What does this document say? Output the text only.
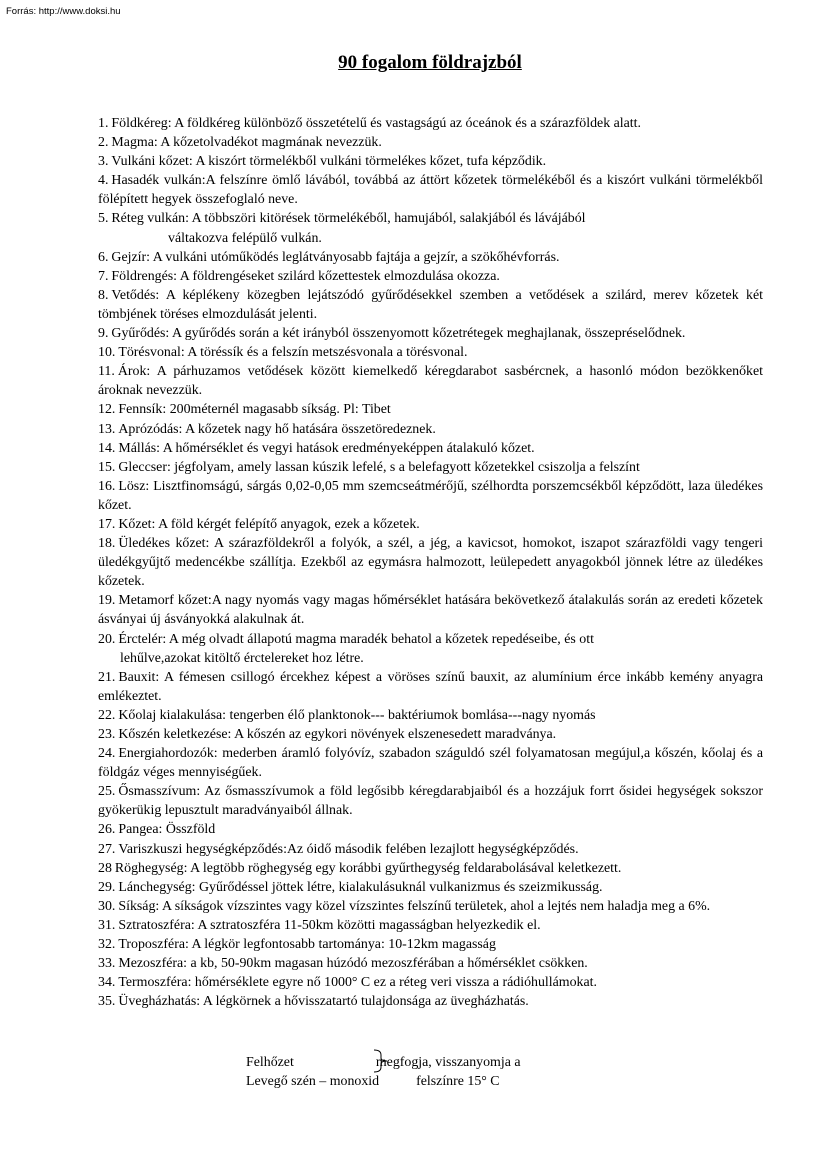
Forrás: http://www.doksi.hu
90 fogalom földrajzból

1. Földkéreg: A földkéreg különböző összetételű és vastagságú az óceánok és a szárazföldek alatt.

2. Magma: A kőzetolvadékot magmának nevezzük.

3. Vulkáni kőzet: A kiszórt törmelékből vulkáni törmelékes kőzet, tufa képződik.

4. Hasadék vulkán:A felszínre ömlő lávából, továbbá az áttört kőzetek törmelékéből és a kiszórt vulkáni törmelékből fölépített hegyek összefoglaló neve.

5. Réteg vulkán: A többszöri kitörések törmelékéből, hamujából, salakjából és lávájából
váltakozva felépülő vulkán.

6. Gejzír: A vulkáni utóműködés leglátványosabb fajtája a gejzír, a szökőhévforrás.

7. Földrengés: A földrengéseket szilárd kőzettestek elmozdulása okozza.

8. Vetődés: A képlékeny közegben lejátszódó gyűrődésekkel szemben a vetődések a szilárd, merev kőzetek két tömbjének töréses elmozdulását jelenti.

9. Gyűrődés: A gyűrődés során a két irányból összenyomott kőzetrétegek meghajlanak, összepréselődnek.

10. Törésvonal: A töréssík és a felszín metszésvonala a törésvonal.

11. Árok: A párhuzamos vetődések között kiemelkedő kéregdarabot sasbércnek, a hasonló módon bezökkenőket ároknak nevezzük.

12. Fennsík: 200méternél magasabb síkság. Pl: Tibet

13. Aprózódás: A kőzetek nagy hő hatására összetöredeznek.

14. Mállás: A hőmérséklet és vegyi hatások eredményeképpen átalakuló kőzet.

15. Gleccser: jégfolyam, amely lassan kúszik lefelé, s a belefagyott kőzetekkel csiszolja a felszínt

16. Lösz: Lisztfinomságú, sárgás 0,02-0,05 mm szemcseátmérőjű, szélhordta porszemcsékből képződött, laza üledékes kőzet.

17. Kőzet: A föld kérgét felépítő anyagok, ezek a kőzetek.

18. Üledékes kőzet: A szárazföldekről a folyók, a szél, a jég, a kavicsot, homokot, iszapot szárazföldi vagy tengeri üledékgyűjtő medencékbe szállítja. Ezekből az egymásra halmozott, leülepedett anyagokból jönnek létre az üledékes kőzetek.

19. Metamorf kőzet:A nagy nyomás vagy magas hőmérséklet hatására bekövetkező átalakulás során az eredeti kőzetek ásványai új ásványokká alakulnak át.

20. Érctelér: A még olvadt állapotú magma maradék behatol a kőzetek repedéseibe, és ott
lehűlve,azokat kitöltő érctelereket hoz létre.

21. Bauxit: A fémesen csillogó ércekhez képest a vöröses színű bauxit, az alumínium érce inkább kemény anyagra emlékeztet.

22. Kőolaj kialakulása: tengerben élő planktonok--- baktériumok bomlása---nagy nyomás

23. Kőszén keletkezése: A kőszén az egykori növények elszenesedett maradványa.

24. Energiahordozók: mederben áramló folyóvíz, szabadon száguldó szél folyamatosan megújul,a kőszén, kőolaj és a földgáz véges mennyiségűek.

25. Ősmasszívum: Az ősmasszívumok a föld legősibb kéregdarabjaiból és a hozzájuk forrt ősidei hegységek sokszor gyökerükig lepusztult maradványaiból állnak.

26. Pangea: Összföld

27. Variszkuszi hegységképződés:Az óidő második felében lezajlott hegységképződés.

28 Röghegység: A legtöbb röghegység egy korábbi gyűrthegység feldarabolásával keletkezett.

29. Lánchegység: Gyűrődéssel jöttek létre, kialakulásuknál vulkanizmus és szeizmikusság.

30. Síkság: A síkságok vízszintes vagy közel vízszintes felszínű területek, ahol a lejtés nem haladja meg a 6%.

31. Sztratoszféra: A sztratoszféra 11-50km közötti magasságban helyezkedik el.

32. Troposzféra: A légkör legfontosabb tartománya: 10-12km magasság

33. Mezoszféra: a kb, 50-90km magasan húzódó mezoszférában a hőmérséklet csökken.

34. Termoszféra: hőmérséklete egyre nő 1000° C ez a réteg veri vissza a rádióhullámokat.

35. Üvegházhatás: A légkörnek a hővisszatartó tulajdonsága az üvegházhatás.

Felhőzet	megfogja, visszanyomja a
Levegő szén – monoxid	felszínre 15° C
